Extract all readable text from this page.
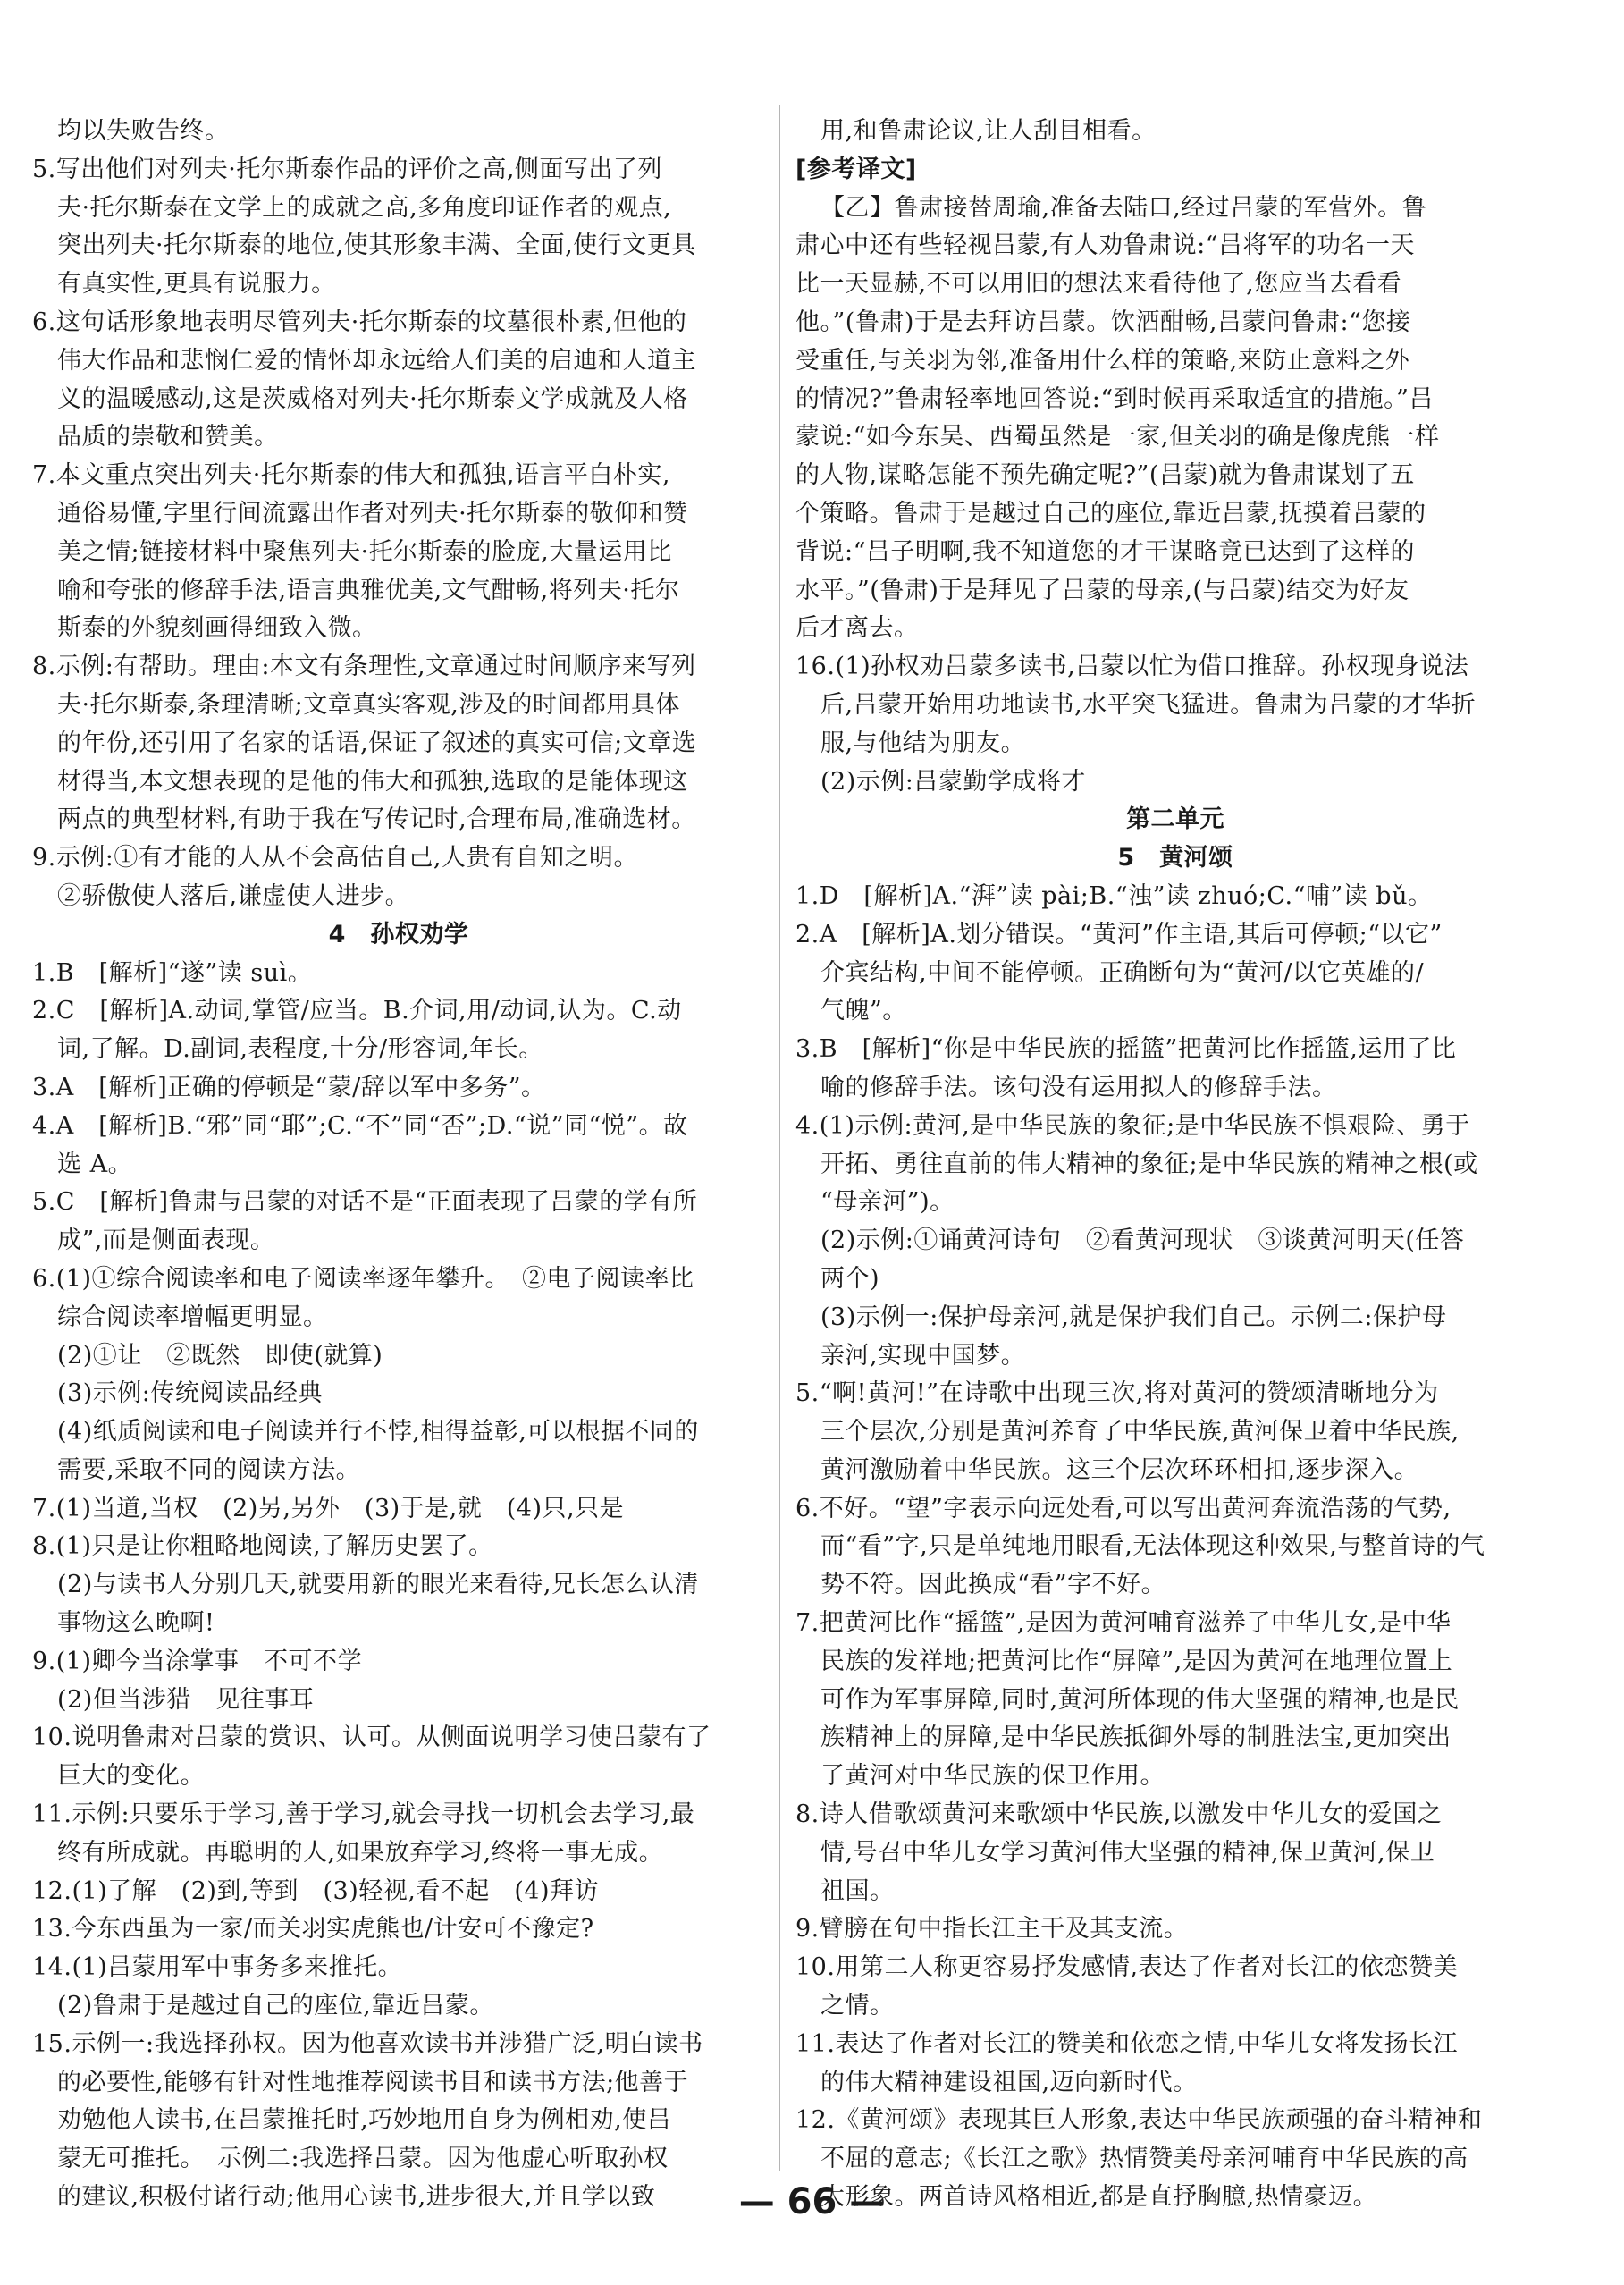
均以失败告终。
5.写出他们对列夫·托尔斯泰作品的评价之高,侧面写出了列
夫·托尔斯泰在文学上的成就之高,多角度印证作者的观点,
突出列夫·托尔斯泰的地位,使其形象丰满、全面,使行文更具
有真实性,更具有说服力。
6.这句话形象地表明尽管列夫·托尔斯泰的坟墓很朴素,但他的
伟大作品和悲悯仁爱的情怀却永远给人们美的启迪和人道主
义的温暖感动,这是茨威格对列夫·托尔斯泰文学成就及人格
品质的崇敬和赞美。
7.本文重点突出列夫·托尔斯泰的伟大和孤独,语言平白朴实,
通俗易懂,字里行间流露出作者对列夫·托尔斯泰的敬仰和赞
美之情;链接材料中聚焦列夫·托尔斯泰的脸庞,大量运用比
喻和夸张的修辞手法,语言典雅优美,文气酣畅,将列夫·托尔
斯泰的外貌刻画得细致入微。
8.示例:有帮助。理由:本文有条理性,文章通过时间顺序来写列
夫·托尔斯泰,条理清晰;文章真实客观,涉及的时间都用具体
的年份,还引用了名家的话语,保证了叙述的真实可信;文章选
材得当,本文想表现的是他的伟大和孤独,选取的是能体现这
两点的典型材料,有助于我在写传记时,合理布局,准确选材。
9.示例:①有才能的人从不会高估自己,人贵有自知之明。
②骄傲使人落后,谦虚使人进步。
4　孙权劝学
1.B　[解析]“遂”读 suì。
2.C　[解析]A.动词,掌管/应当。B.介词,用/动词,认为。C.动
词,了解。D.副词,表程度,十分/形容词,年长。
3.A　[解析]正确的停顿是“蒙/辞以军中多务”。
4.A　[解析]B.“邪”同“耶”;C.“不”同“否”;D.“说”同“悦”。故
选 A。
5.C　[解析]鲁肃与吕蒙的对话不是“正面表现了吕蒙的学有所
成”,而是侧面表现。
6.(1)①综合阅读率和电子阅读率逐年攀升。　②电子阅读率比
综合阅读率增幅更明显。
(2)①让　②既然　即使(就算)
(3)示例:传统阅读品经典
(4)纸质阅读和电子阅读并行不悖,相得益彰,可以根据不同的
需要,采取不同的阅读方法。
7.(1)当道,当权　(2)另,另外　(3)于是,就　(4)只,只是
8.(1)只是让你粗略地阅读,了解历史罢了。
(2)与读书人分别几天,就要用新的眼光来看待,兄长怎么认清
事物这么晚啊!
9.(1)卿今当涂掌事　不可不学
(2)但当涉猎　见往事耳
10.说明鲁肃对吕蒙的赏识、认可。从侧面说明学习使吕蒙有了
巨大的变化。
11.示例:只要乐于学习,善于学习,就会寻找一切机会去学习,最
终有所成就。再聪明的人,如果放弃学习,终将一事无成。
12.(1)了解　(2)到,等到　(3)轻视,看不起　(4)拜访
13.今东西虽为一家/而关羽实虎熊也/计安可不豫定?
14.(1)吕蒙用军中事务多来推托。
(2)鲁肃于是越过自己的座位,靠近吕蒙。
15.示例一:我选择孙权。因为他喜欢读书并涉猎广泛,明白读书
的必要性,能够有针对性地推荐阅读书目和读书方法;他善于
劝勉他人读书,在吕蒙推托时,巧妙地用自身为例相劝,使吕
蒙无可推托。　示例二:我选择吕蒙。因为他虚心听取孙权
的建议,积极付诸行动;他用心读书,进步很大,并且学以致
用,和鲁肃论议,让人刮目相看。
[参考译文]
【乙】鲁肃接替周瑜,准备去陆口,经过吕蒙的军营外。鲁
肃心中还有些轻视吕蒙,有人劝鲁肃说:“吕将军的功名一天
比一天显赫,不可以用旧的想法来看待他了,您应当去看看
他。”(鲁肃)于是去拜访吕蒙。饮酒酣畅,吕蒙问鲁肃:“您接
受重任,与关羽为邻,准备用什么样的策略,来防止意料之外
的情况?”鲁肃轻率地回答说:“到时候再采取适宜的措施。”吕
蒙说:“如今东吴、西蜀虽然是一家,但关羽的确是像虎熊一样
的人物,谋略怎能不预先确定呢?”(吕蒙)就为鲁肃谋划了五
个策略。鲁肃于是越过自己的座位,靠近吕蒙,抚摸着吕蒙的
背说:“吕子明啊,我不知道您的才干谋略竟已达到了这样的
水平。”(鲁肃)于是拜见了吕蒙的母亲,(与吕蒙)结交为好友
后才离去。
16.(1)孙权劝吕蒙多读书,吕蒙以忙为借口推辞。孙权现身说法
后,吕蒙开始用功地读书,水平突飞猛进。鲁肃为吕蒙的才华折
服,与他结为朋友。
(2)示例:吕蒙勤学成将才
第二单元
5　黄河颂
1.D　[解析]A.“湃”读 pài;B.“浊”读 zhuó;C.“哺”读 bǔ。
2.A　[解析]A.划分错误。“黄河”作主语,其后可停顿;“以它”
介宾结构,中间不能停顿。正确断句为“黄河/以它英雄的/
气魄”。
3.B　[解析]“你是中华民族的摇篮”把黄河比作摇篮,运用了比
喻的修辞手法。该句没有运用拟人的修辞手法。
4.(1)示例:黄河,是中华民族的象征;是中华民族不惧艰险、勇于
开拓、勇往直前的伟大精神的象征;是中华民族的精神之根(或
“母亲河”)。
(2)示例:①诵黄河诗句　②看黄河现状　③谈黄河明天(任答
两个)
(3)示例一:保护母亲河,就是保护我们自己。示例二:保护母
亲河,实现中国梦。
5.“啊!黄河!”在诗歌中出现三次,将对黄河的赞颂清晰地分为
三个层次,分别是黄河养育了中华民族,黄河保卫着中华民族,
黄河激励着中华民族。这三个层次环环相扣,逐步深入。
6.不好。“望”字表示向远处看,可以写出黄河奔流浩荡的气势,
而“看”字,只是单纯地用眼看,无法体现这种效果,与整首诗的气
势不符。因此换成“看”字不好。
7.把黄河比作“摇篮”,是因为黄河哺育滋养了中华儿女,是中华
民族的发祥地;把黄河比作“屏障”,是因为黄河在地理位置上
可作为军事屏障,同时,黄河所体现的伟大坚强的精神,也是民
族精神上的屏障,是中华民族抵御外辱的制胜法宝,更加突出
了黄河对中华民族的保卫作用。
8.诗人借歌颂黄河来歌颂中华民族,以激发中华儿女的爱国之
情,号召中华儿女学习黄河伟大坚强的精神,保卫黄河,保卫
祖国。
9.臂膀在句中指长江主干及其支流。
10.用第二人称更容易抒发感情,表达了作者对长江的依恋赞美
之情。
11.表达了作者对长江的赞美和依恋之情,中华儿女将发扬长江
的伟大精神建设祖国,迈向新时代。
12.《黄河颂》表现其巨人形象,表达中华民族顽强的奋斗精神和
不屈的意志;《长江之歌》热情赞美母亲河哺育中华民族的高
大形象。两首诗风格相近,都是直抒胸臆,热情豪迈。
— 66 —
